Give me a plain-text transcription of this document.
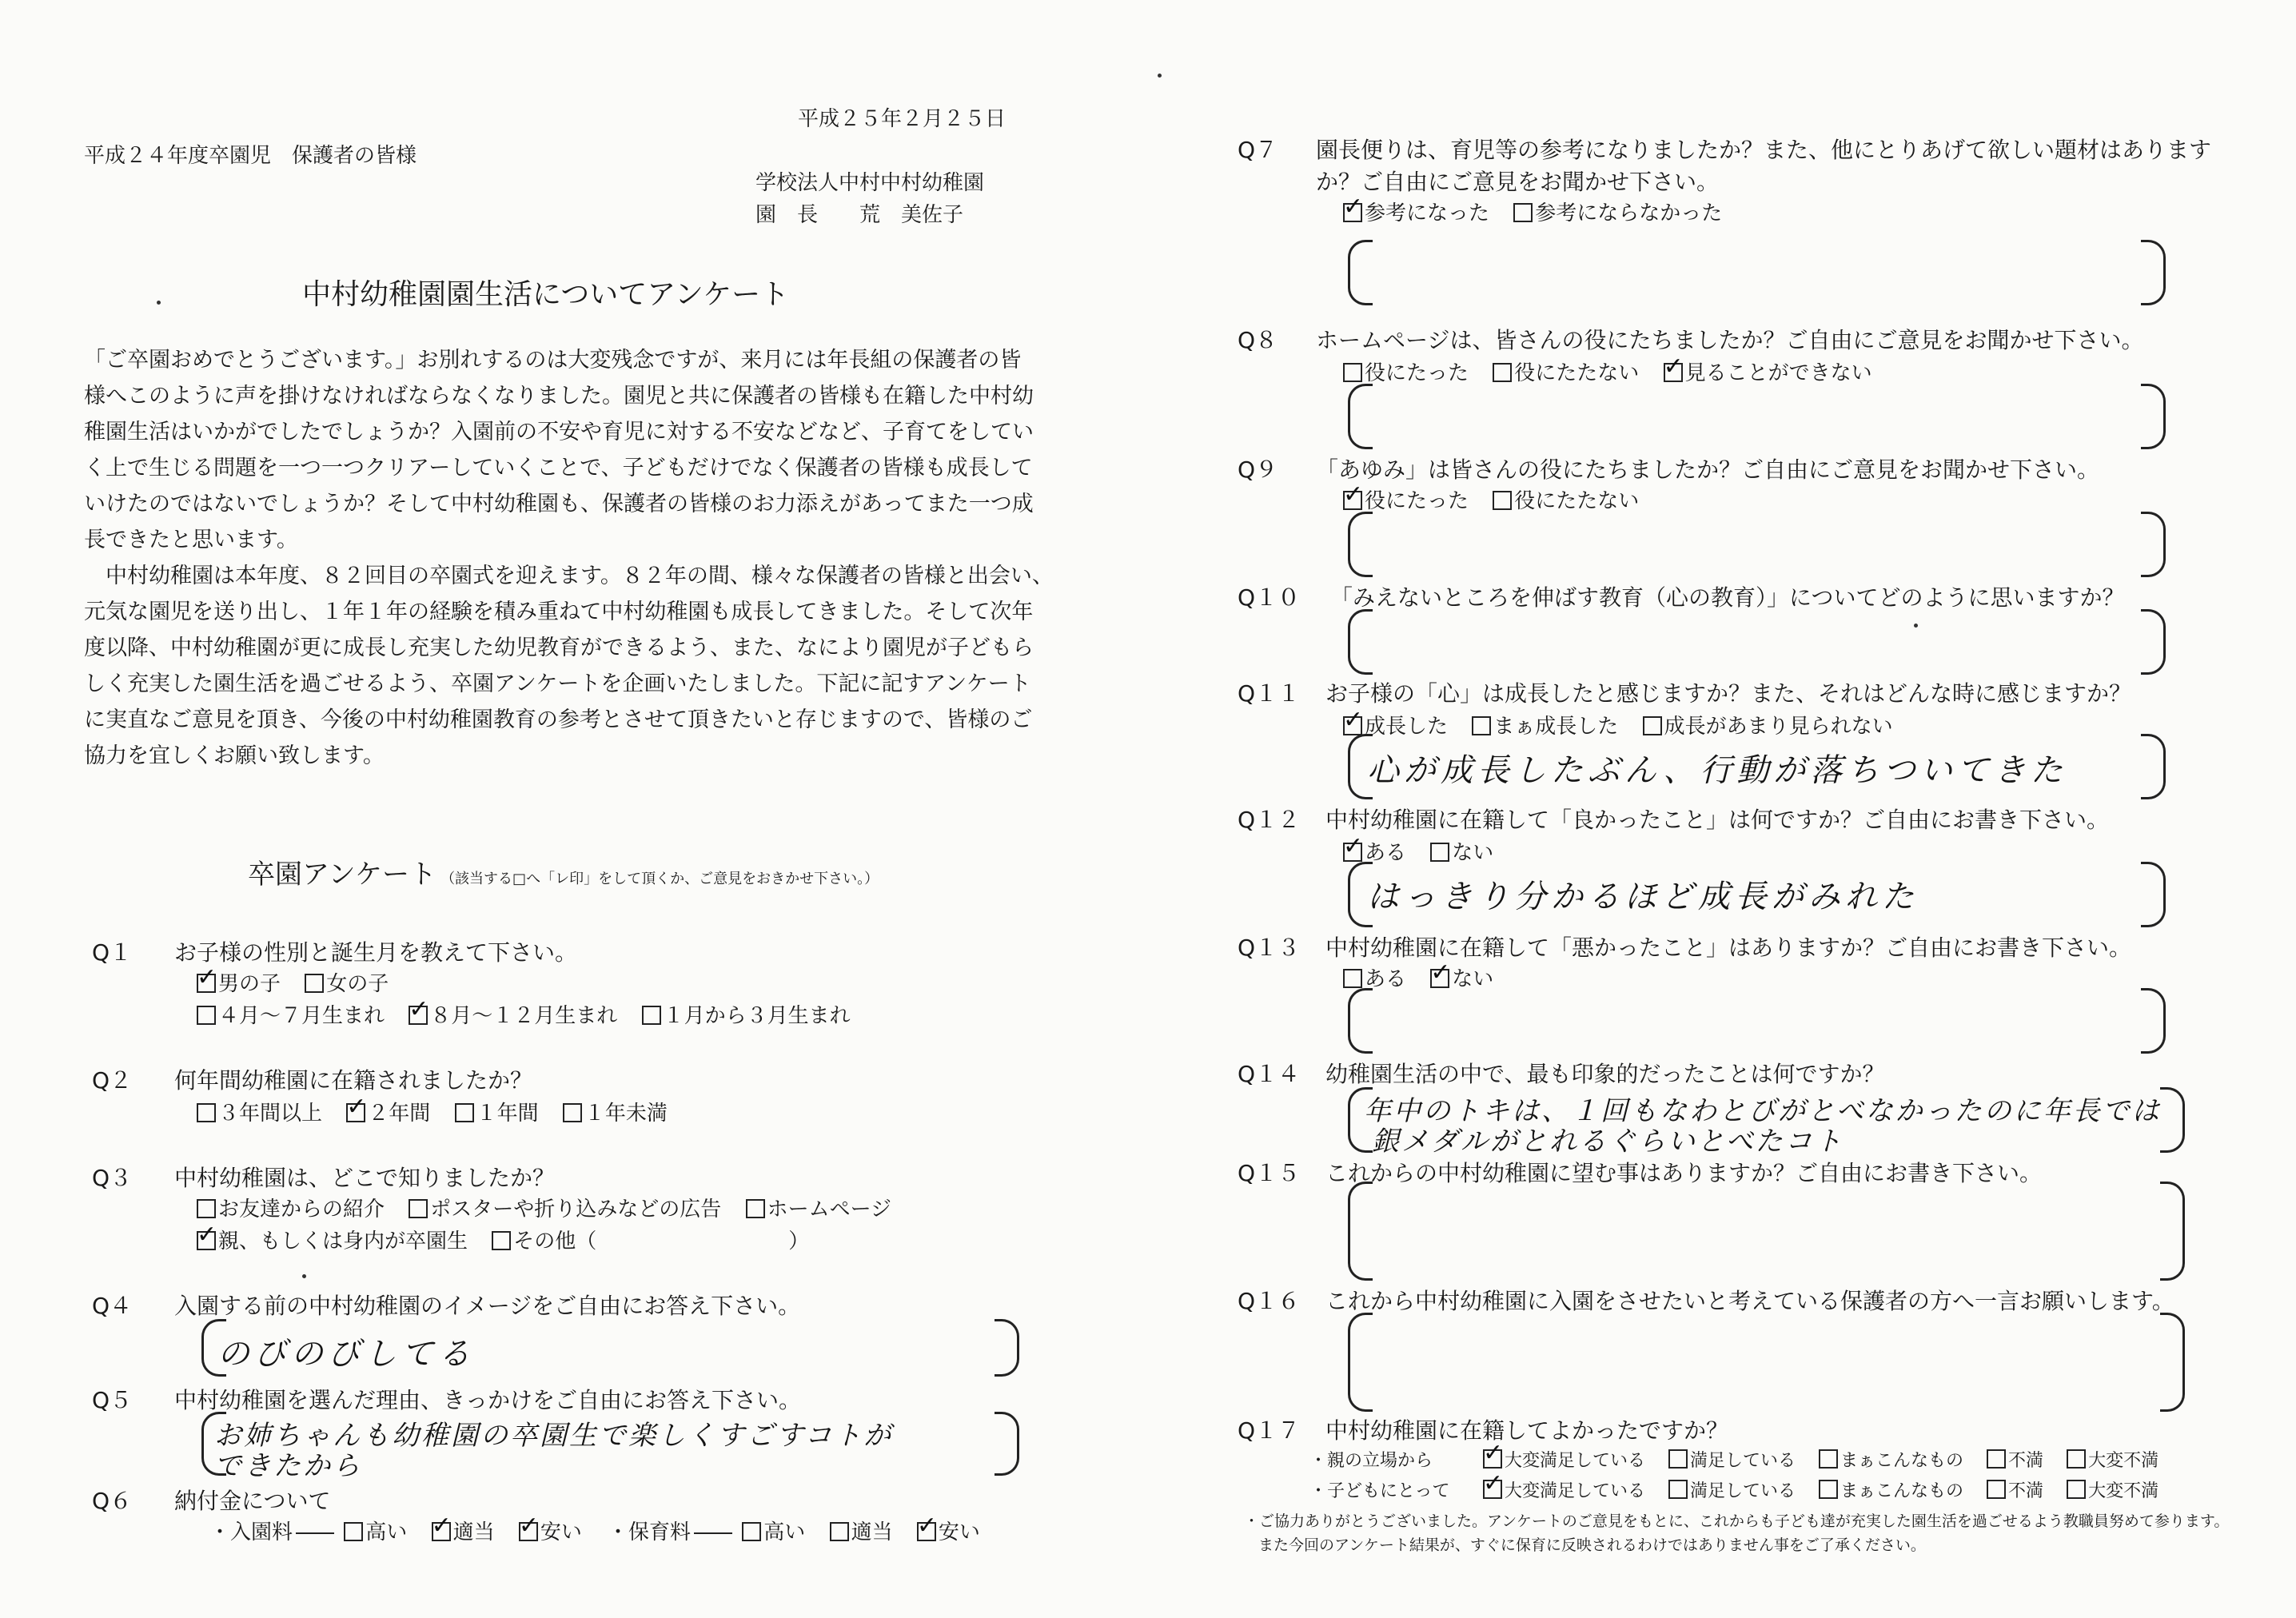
平成２５年２月２５日
平成２４年度卒園児　保護者の皆様
学校法人中村中村幼稚園
園　長　　荒　美佐子
中村幼稚園園生活についてアンケート

「ご卒園おめでとうございます。」お別れするのは大変残念ですが、来月には年長組の保護者の皆

様へこのように声を掛けなければならなくなりました。園児と共に保護者の皆様も在籍した中村幼

稚園生活はいかがでしたでしょうか？入園前の不安や育児に対する不安などなど、子育てをしてい

く上で生じる問題を一つ一つクリアーしていくことで、子どもだけでなく保護者の皆様も成長して

いけたのではないでしょうか？そして中村幼稚園も、保護者の皆様のお力添えがあってまた一つ成

長できたと思います。

　中村幼稚園は本年度、８２回目の卒園式を迎えます。８２年の間、様々な保護者の皆様と出会い、

元気な園児を送り出し、１年１年の経験を積み重ねて中村幼稚園も成長してきました。そして次年

度以降、中村幼稚園が更に成長し充実した幼児教育ができるよう、また、なにより園児が子どもら

しく充実した園生活を過ごせるよう、卒園アンケートを企画いたしました。下記に記すアンケート

に実直なご意見を頂き、今後の中村幼稚園教育の参考とさせて頂きたいと存じますので、皆様のご

協力を宜しくお願い致します。

卒園アンケート （該当する□へ「レ印」をして頂くか、ご意見をおきかせ下さい。）
Q１ お子様の性別と誕生月を教えて下さい。
✓男の子 女の子
４月～７月生まれ ✓ ８月～１２月生まれ １月から３月生まれ
Q２ 何年間幼稚園に在籍されましたか？
３年間以上 ✓ ２年間 １年間 １年未満
Q３ 中村幼稚園は、どこで知りましたか？
お友達からの紹介 ポスターや折り込みなどの広告 ホームページ
✓親、もしくは身内が卒園生 その他（	）
Q４ 入園する前の中村幼稚園のイメージをご自由にお答え下さい。
のびのびしてる
Q５ 中村幼稚園を選んだ理由、きっかけをご自由にお答え下さい。
お姉ちゃんも幼稚園の卒園生で楽しくすごすコトが
できたから
Q６ 納付金について
・入園料	高い ✓ 適当 ✓ 安い	・保育料	高い 適当 ✓ 安い
Q７ 園長便りは、育児等の参考になりましたか？また、他にとりあげて欲しい題材はあります
か？ご自由にご意見をお聞かせ下さい。
✓参考になった 参考にならなかった
Q８ ホームページは、皆さんの役にたちましたか？ご自由にご意見をお聞かせ下さい。
役にたった 役にたたない ✓ 見ることができない
Q９ 「あゆみ」は皆さんの役にたちましたか？ご自由にご意見をお聞かせ下さい。
✓役にたった 役にたたない
Q１０ 「みえないところを伸ばす教育（心の教育）」についてどのように思いますか？
Q１１ お子様の「心」は成長したと感じますか？また、それはどんな時に感じますか？
✓成長した まぁ成長した 成長があまり見られない
心が成長したぶん、行動が落ちついてきた
Q１２ 中村幼稚園に在籍して「良かったこと」は何ですか？ご自由にお書き下さい。
✓ある ない
はっきり分かるほど成長がみれた
Q１３ 中村幼稚園に在籍して「悪かったこと」はありますか？ご自由にお書き下さい。
ある ✓ ない
Q１４ 幼稚園生活の中で、最も印象的だったことは何ですか？
年中のトキは、１回もなわとびがとべなかったのに年長では
銀メダルがとれるぐらいとべたコト
Q１５ これからの中村幼稚園に望む事はありますか？ご自由にお書き下さい。
Q１６ これから中村幼稚園に入園をさせたいと考えている保護者の方へ一言お願いします。
Q１７ 中村幼稚園に在籍してよかったですか？
・親の立場から ✓	大変満足している	満足している	まぁこんなもの	不満	大変不満
・子どもにとって ✓	大変満足している	満足している	まぁこんなもの	不満	大変不満
・ご協力ありがとうございました。アンケートのご意見をもとに、これからも子ども達が充実した園生活を過ごせるよう教職員努めて参ります。
また今回のアンケート結果が、すぐに保育に反映されるわけではありません事をご了承ください。
